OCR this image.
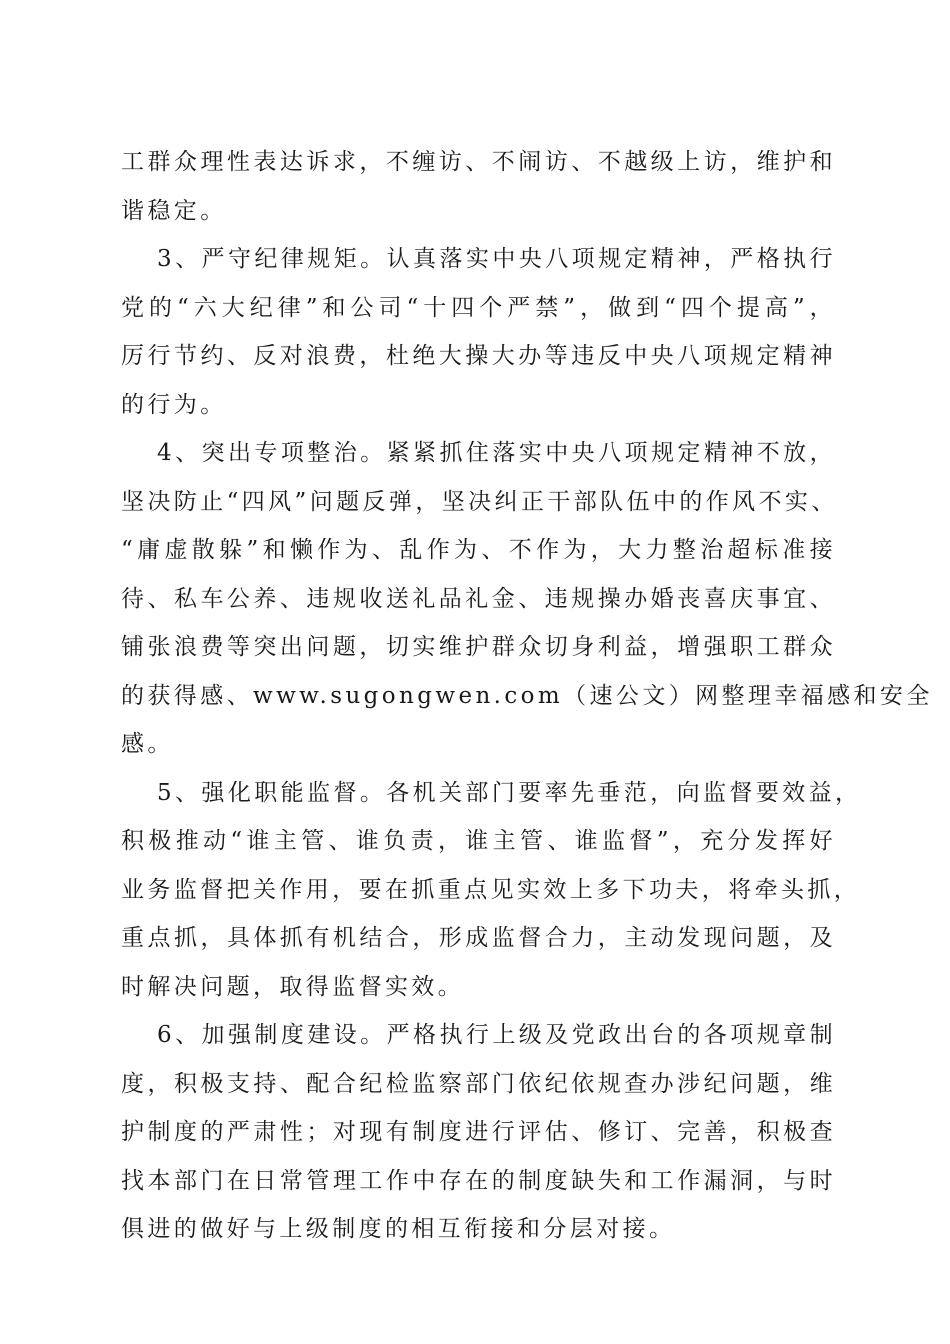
工群众理性表达诉求，不缠访、不闹访、不越级上访，维护和
谐稳定。
3、严守纪律规矩。认真落实中央八项规定精神，严格执行
党的“六大纪律”和公司“十四个严禁”，做到“四个提高”，
厉行节约、反对浪费，杜绝大操大办等违反中央八项规定精神
的行为。
4、突出专项整治。紧紧抓住落实中央八项规定精神不放，
坚决防止“四风”问题反弹，坚决纠正干部队伍中的作风不实、
“庸虚散躲”和懒作为、乱作为、不作为，大力整治超标准接
待、私车公养、违规收送礼品礼金、违规操办婚丧喜庆事宜、
铺张浪费等突出问题，切实维护群众切身利益，增强职工群众
的获得感、www.sugongwen.com（速公文）网整理幸福感和安全
感。
5、强化职能监督。各机关部门要率先垂范，向监督要效益，
积极推动“谁主管、谁负责，谁主管、谁监督”，充分发挥好
业务监督把关作用，要在抓重点见实效上多下功夫，将牵头抓，
重点抓，具体抓有机结合，形成监督合力，主动发现问题，及
时解决问题，取得监督实效。
6、加强制度建设。严格执行上级及党政出台的各项规章制
度，积极支持、配合纪检监察部门依纪依规查办涉纪问题，维
护制度的严肃性；对现有制度进行评估、修订、完善，积极查
找本部门在日常管理工作中存在的制度缺失和工作漏洞，与时
俱进的做好与上级制度的相互衔接和分层对接。
